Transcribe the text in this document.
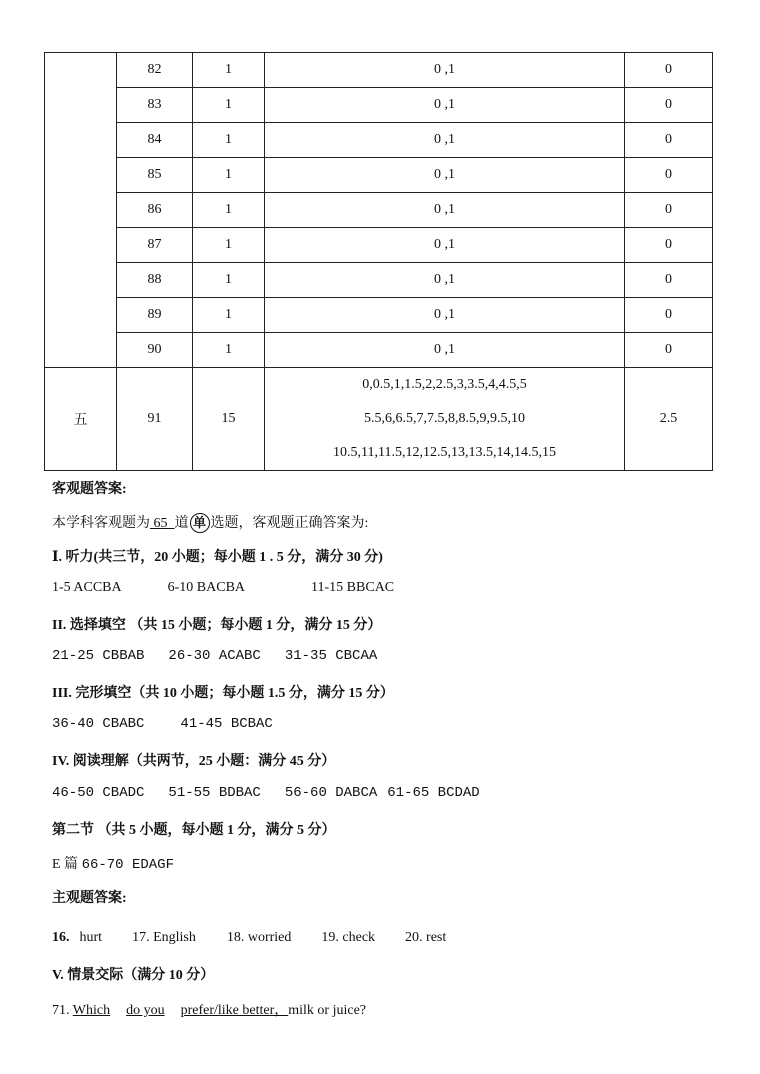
	82	1	0 ,1	0
	83	1	0 ,1	0
	84	1	0 ,1	0
	85	1	0 ,1	0
	86	1	0 ,1	0
	87	1	0 ,1	0
	88	1	0 ,1	0
	89	1	0 ,1	0
	90	1	0 ,1	0
五	91	15	0,0.5,1,1.5,2,2.5,3,3.5,4,4.5,5
5.5,6,6.5,7,7.5,8,8.5,9,9.5,10
10.5,11,11.5,12,12.5,13,13.5,14,14.5,15	2.5
客观题答案:
本学科客观题为 65 道 单 选题，客观题正确答案为:
Ⅰ. 听力(共三节，20 小题；每小题 1 . 5 分，满分 30 分)
1-5 ACCBA	6-10 BACBA	11-15 BBCAC
II. 选择填空 （共 15 小题；每小题 1 分，满分 15 分）
21-25 CBBAB 26-30 ACABC 31-35 CBCAA
III. 完形填空（共 10 小题；每小题 1.5 分，满分 15 分）
36-40 CBABC	41-45 BCBAC
IV. 阅读理解（共两节，25 小题：满分 45 分）
46-50 CBADC 51-55 BDBAC 56-60 DABCA 61-65 BCDAD
第二节 （共 5 小题，每小题 1 分，满分 5 分）
E 篇 66-70 EDAGF
主观题答案:
16. hurt 17. English 18. worried 19. check 20. rest
V. 情景交际（满分 10 分）
71. Which do you prefer/like better，milk or juice?
